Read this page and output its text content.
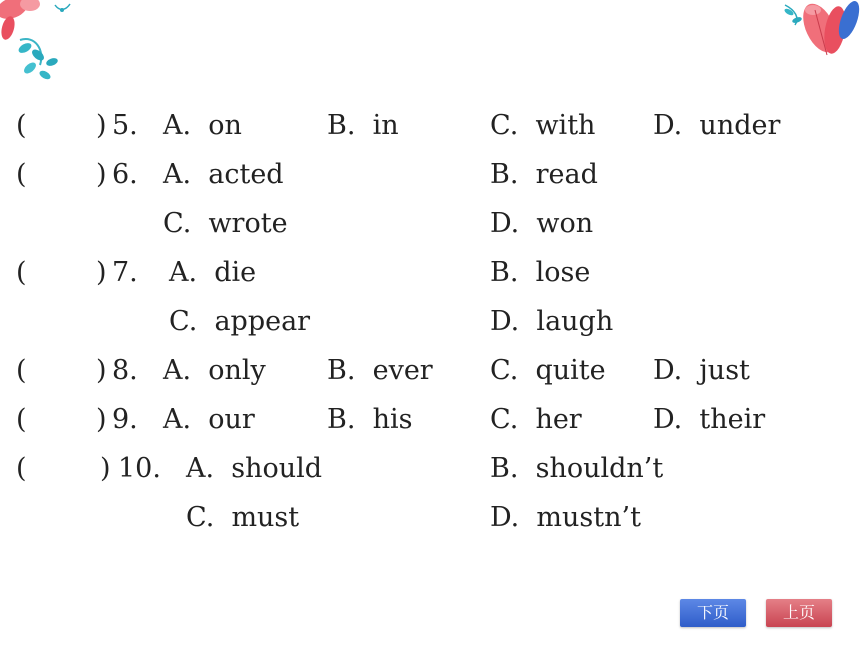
(	) 5. A.  on	B.  in	C.  with D.  under
(	) 6. A.  acted	B.  read
C.  wrote	D.  won
(	) 7. A.  die	B.  lose
C.  appear	D.  laugh
(	) 8. A.  only B.  ever C.  quite D.  just
(	) 9. A.  our	B.  his	C.  her	D.  their
(	) 10. A.  should	B.  shouldn’t
C.  must	D.  mustn’t
下页	上页
